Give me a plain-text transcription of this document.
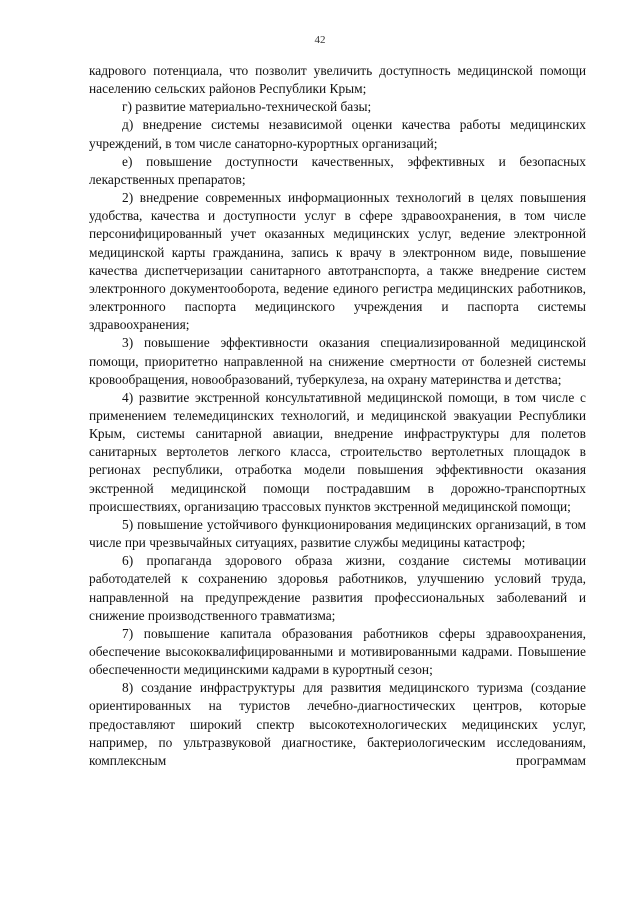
42

кадрового потенциала, что позволит увеличить доступность медицинской помощи населению сельских районов Республики Крым;

г) развитие материально-технической базы;

д) внедрение системы независимой оценки качества работы медицинских учреждений, в том числе санаторно-курортных организаций;

е) повышение доступности качественных, эффективных и безопасных лекарственных препаратов;

2) внедрение современных информационных технологий в целях повышения удобства, качества и доступности услуг в сфере здравоохранения, в том числе персонифицированный учет оказанных медицинских услуг, ведение электронной медицинской карты гражданина, запись к врачу в электронном виде, повышение качества диспетчеризации санитарного автотранспорта, а также внедрение систем электронного документооборота, ведение единого регистра медицинских работников, электронного паспорта медицинского учреждения и паспорта системы здравоохранения;

3) повышение эффективности оказания специализированной медицинской помощи, приоритетно направленной на снижение смертности от болезней системы кровообращения, новообразований, туберкулеза, на охрану материнства и детства;

4) развитие экстренной консультативной медицинской помощи, в том числе с применением телемедицинских технологий, и медицинской эвакуации Республики Крым, системы санитарной авиации, внедрение инфраструктуры для полетов санитарных вертолетов легкого класса, строительство вертолетных площадок в регионах республики, отработка модели повышения эффективности оказания экстренной медицинской помощи пострадавшим в дорожно-транспортных происшествиях, организацию трассовых пунктов экстренной медицинской помощи;

5) повышение устойчивого функционирования медицинских организаций, в том числе при чрезвычайных ситуациях, развитие службы медицины катастроф;

6) пропаганда здорового образа жизни, создание системы мотивации работодателей к сохранению здоровья работников, улучшению условий труда, направленной на предупреждение развития профессиональных заболеваний и снижение производственного травматизма;

7) повышение капитала образования работников сферы здравоохранения, обеспечение высококвалифицированными и мотивированными кадрами. Повышение обеспеченности медицинскими кадрами в курортный сезон;

8) создание инфраструктуры для развития медицинского туризма (создание ориентированных на туристов лечебно-диагностических центров, которые предоставляют широкий спектр высокотехнологических медицинских услуг, например, по ультразвуковой диагностике, бактериологическим исследованиям, комплексным программам
